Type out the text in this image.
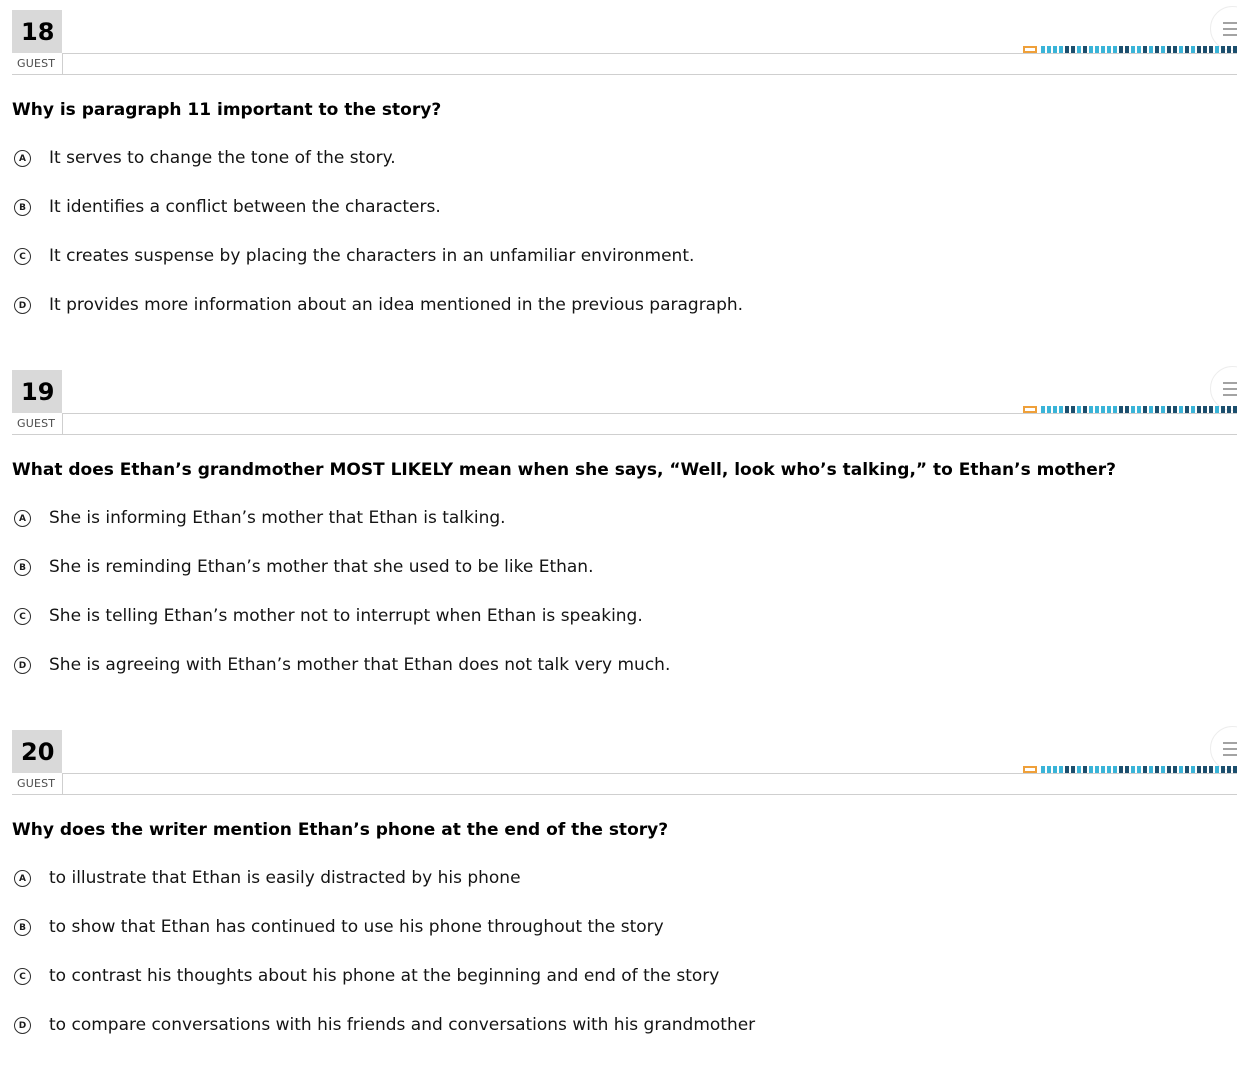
18
GUEST
Why is paragraph 11 important to the story?
A It serves to change the tone of the story.
B It identifies a conflict between the characters.
C	It creates suspense by placing the characters in an unfamiliar environment.
D It provides more information about an idea mentioned in the previous paragraph.
19
GUEST
What does Ethan’s grandmother MOST LIKELY mean when she says, “Well, look who’s talking,” to Ethan’s mother?
A She is informing Ethan’s mother that Ethan is talking.
B She is reminding Ethan’s mother that she used to be like Ethan.
C	She is telling Ethan’s mother not to interrupt when Ethan is speaking.
D She is agreeing with Ethan’s mother that Ethan does not talk very much.
20
GUEST
Why does the writer mention Ethan’s phone at the end of the story?
A to illustrate that Ethan is easily distracted by his phone
B to show that Ethan has continued to use his phone throughout the story
C	to contrast his thoughts about his phone at the beginning and end of the story
D to compare conversations with his friends and conversations with his grandmother
